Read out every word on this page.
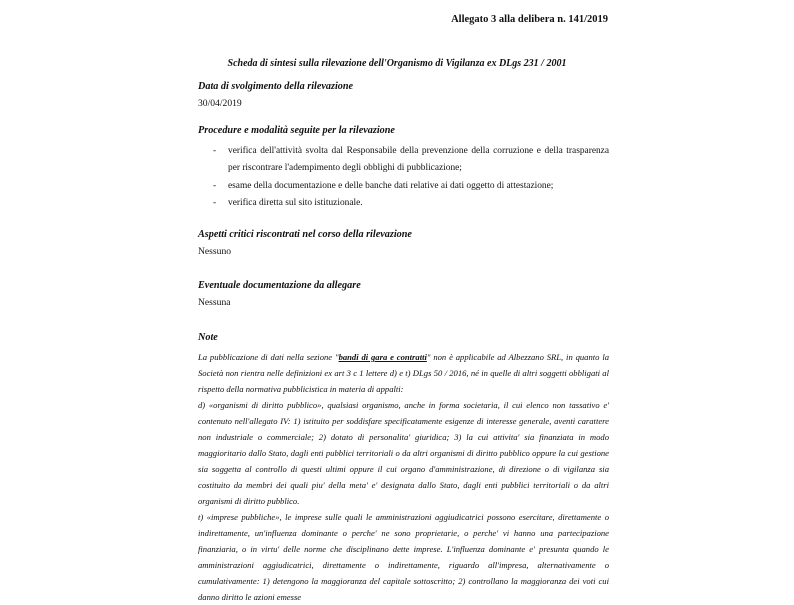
Allegato 3 alla delibera n. 141/2019
Scheda di sintesi sulla rilevazione dell'Organismo di Vigilanza ex DLgs 231 / 2001
Data di svolgimento della rilevazione
30/04/2019
Procedure e modalità seguite per la rilevazione
- verifica dell'attività svolta dal Responsabile della prevenzione della corruzione e della trasparenza per riscontrare l'adempimento degli obblighi di pubblicazione;
- esame della documentazione e delle banche dati relative ai dati oggetto di attestazione;
- verifica diretta sul sito istituzionale.
Aspetti critici riscontrati nel corso della rilevazione
Nessuno
Eventuale documentazione da allegare
Nessuna
Note

La pubblicazione di dati nella sezione "bandi di gara e contratti" non è applicabile ad Albezzano SRL, in quanto la Società non rientra nelle definizioni ex art 3 c 1 lettere d) e t) DLgs 50 / 2016, né in quelle di altri soggetti obbligati al rispetto della normativa pubblicistica in materia di appalti:

d) «organismi di diritto pubblico», qualsiasi organismo, anche in forma societaria, il cui elenco non tassativo e' contenuto nell'allegato IV: 1) istituito per soddisfare specificatamente esigenze di interesse generale, aventi carattere non industriale o commerciale; 2) dotato di personalita' giuridica; 3) la cui attivita' sia finanziata in modo maggioritario dallo Stato, dagli enti pubblici territoriali o da altri organismi di diritto pubblico oppure la cui gestione sia soggetta al controllo di questi ultimi oppure il cui organo d'amministrazione, di direzione o di vigilanza sia costituito da membri dei quali piu' della meta' e' designata dallo Stato, dagli enti pubblici territoriali o da altri organismi di diritto pubblico.

t) «imprese pubbliche», le imprese sulle quali le amministrazioni aggiudicatrici possono esercitare, direttamente o indirettamente, un'influenza dominante o perche' ne sono proprietarie, o perche' vi hanno una partecipazione finanziaria, o in virtu' delle norme che disciplinano dette imprese. L'influenza dominante e' presunta quando le amministrazioni aggiudicatrici, direttamente o indirettamente, riguardo all'impresa, alternativamente o cumulativamente: 1) detengono la maggioranza del capitale sottoscritto; 2) controllano la maggioranza dei voti cui danno diritto le azioni emesse
